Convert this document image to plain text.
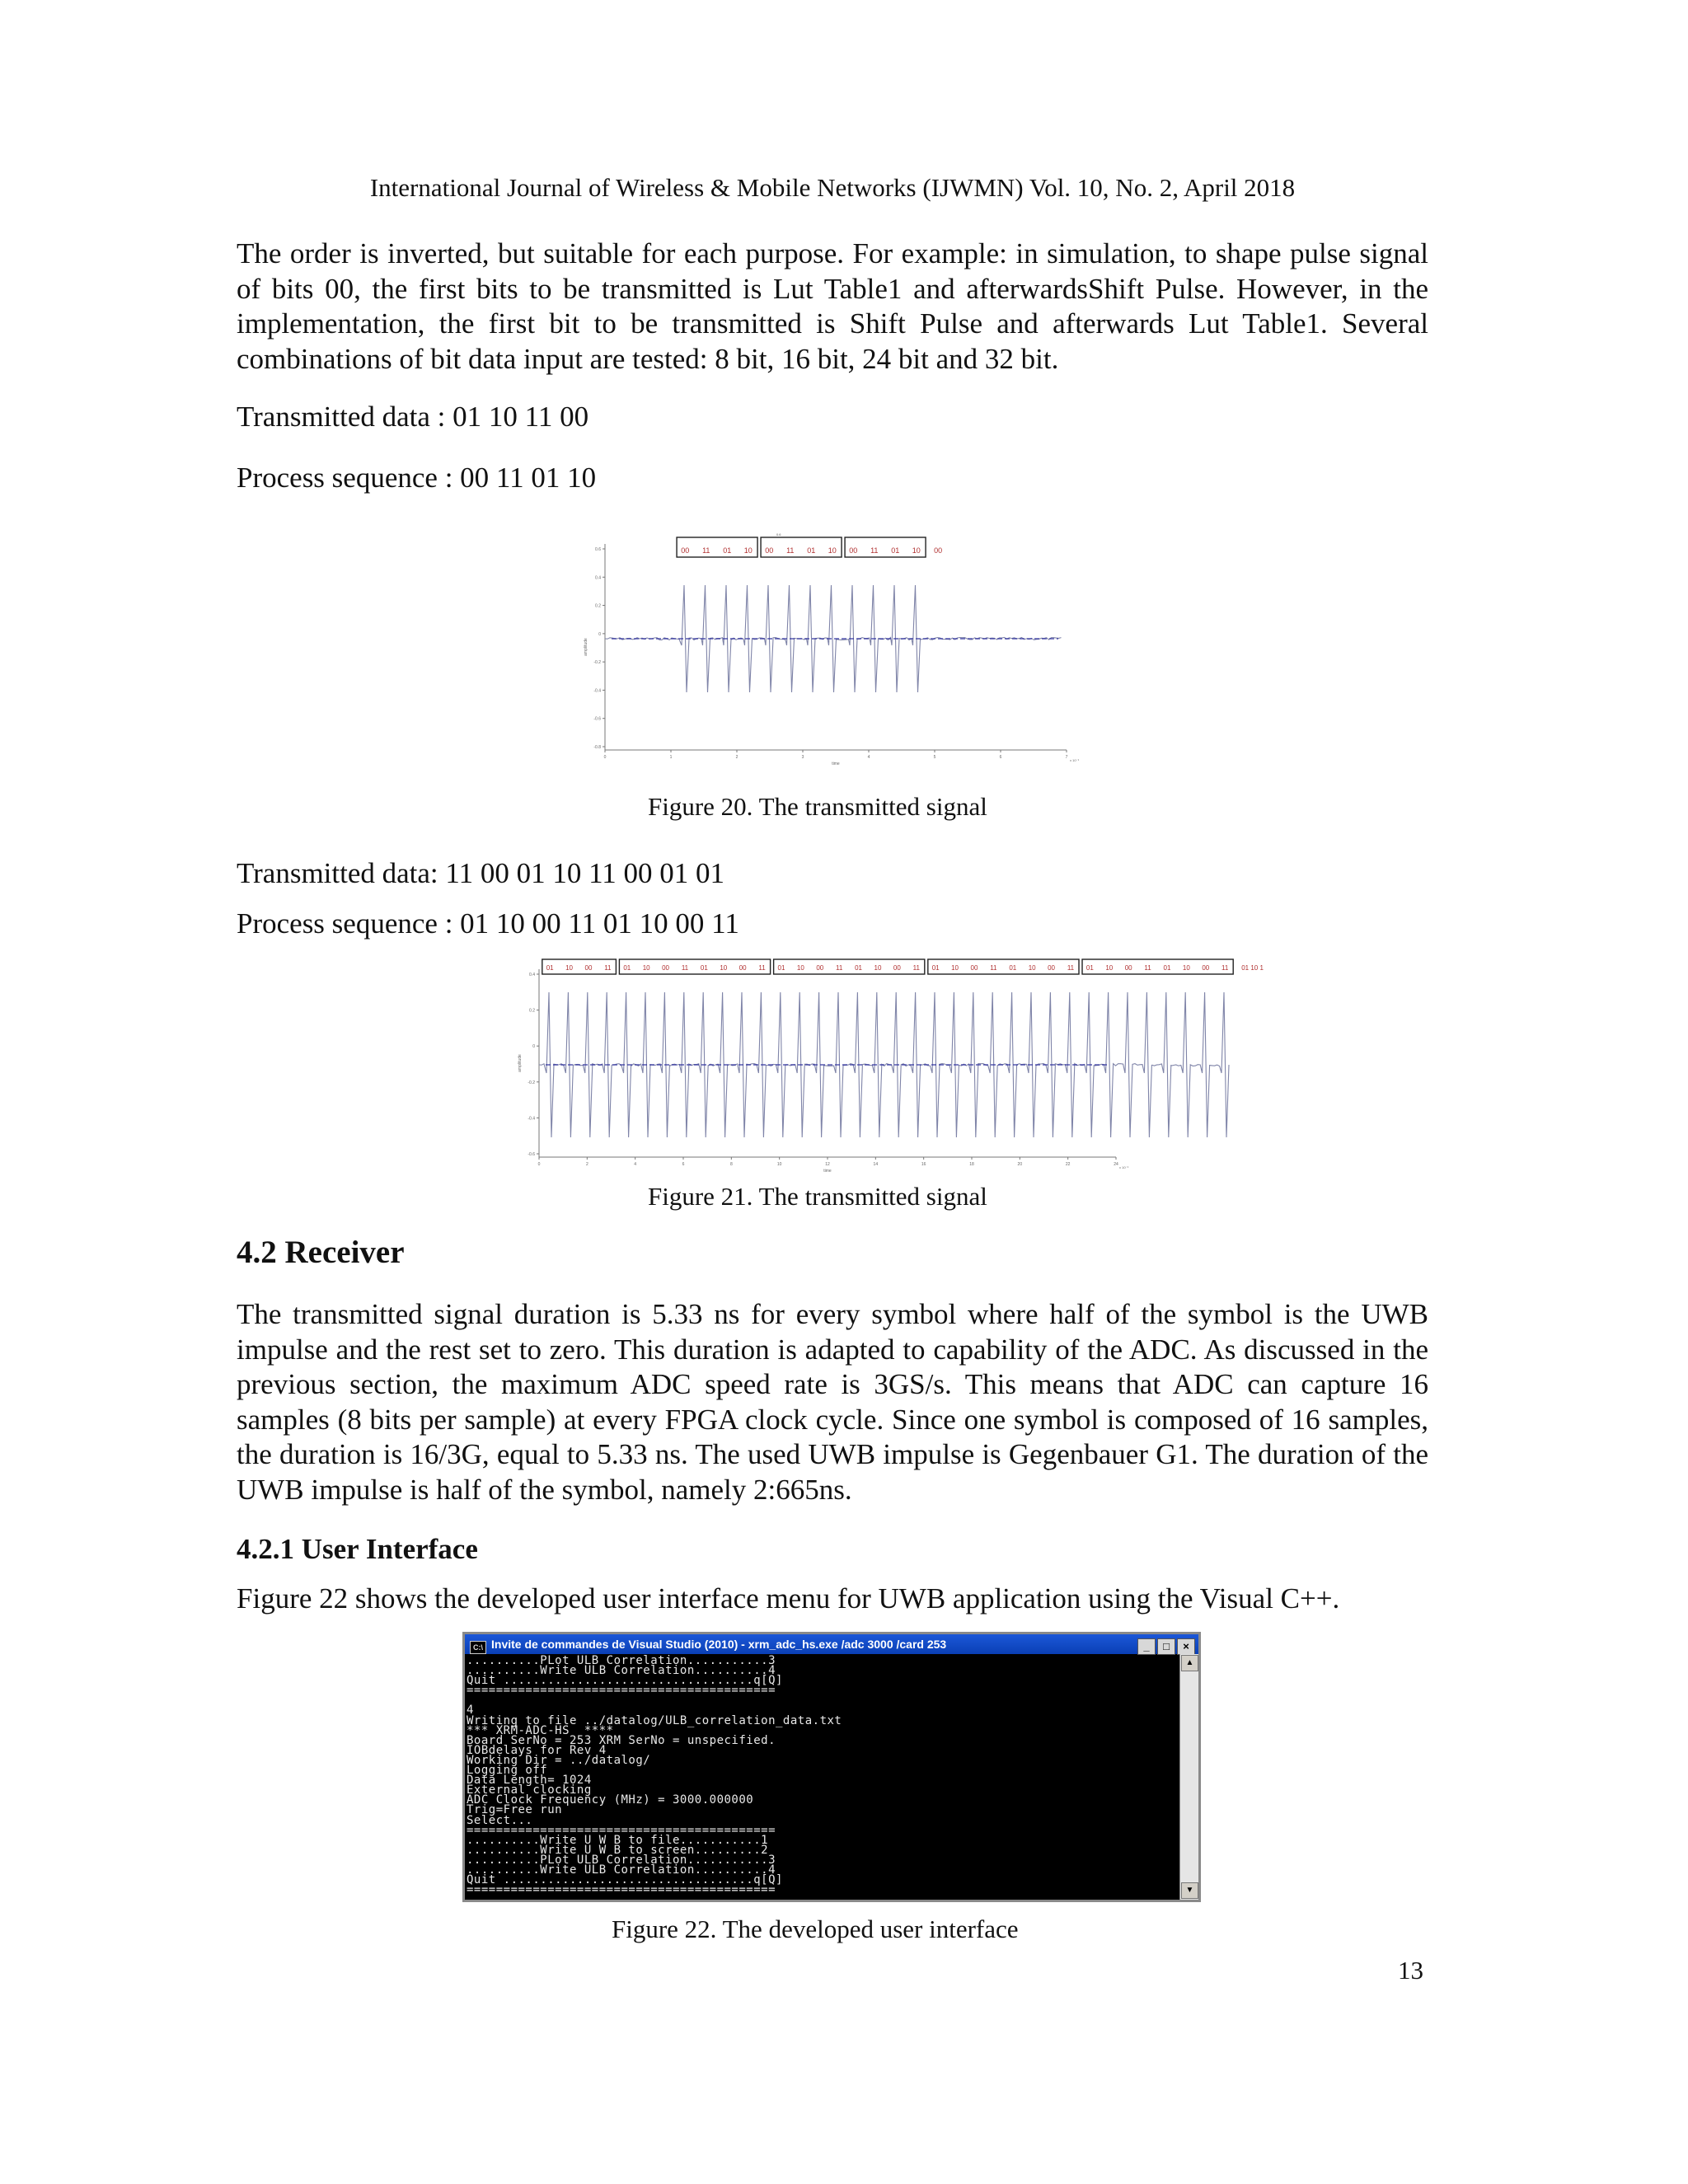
International Journal of Wireless & Mobile Networks (IJWMN) Vol. 10, No. 2, April 2018

The order is inverted, but suitable for each purpose. For example: in simulation, to shape pulse signal of bits 00, the first bits to be transmitted is Lut Table1 and afterwardsShift Pulse. However, in the implementation, the first bit to be transmitted is Shift Pulse and afterwards Lut Table1. Several combinations of bit data input are tested: 8 bit, 16 bit, 24 bit and 32 bit.

Transmitted data : 01 10 11 00

Process sequence : 00 11 01 10

0.6
0.4
0.2
0
-0.2
-0.4
-0.6
-0.8
0	1	2	3	4	5	6	7
time
x 10⁻⁹
amplitude
00 11 01 10 00 11 01 10 00 11 01 10 00
0.6
Figure 20. The transmitted signal

Transmitted data: 11 00 01 10 11 00 01 01

Process sequence : 01 10 00 11 01 10 00 11

0.4
0.2
0
-0.2
-0.4
-0.6
0	2	4	6	8	10	12	14	16	18	20	22	24
time
x 10⁻⁹
amplitude
01 10 00 11 01 10 00 11 01 10 00 11 01 10 00 11 01 10 00 11 01 10 00 11 01 10 00 11 01 10 00 11 01 10 00 11 01 10 1
Figure 21. The transmitted signal
4.2 Receiver

The transmitted signal duration is 5.33 ns for every symbol where half of the symbol is the UWB impulse and the rest set to zero. This duration is adapted to capability of the ADC. As discussed in the previous section, the maximum ADC speed rate is 3GS/s. This means that ADC can capture 16 samples (8 bits per sample) at every FPGA clock cycle. Since one symbol is composed of 16 samples, the duration is 16/3G, equal to 5.33 ns. The used UWB impulse is Gegenbauer G1. The duration of the UWB impulse is half of the symbol, namely 2:665ns.

4.2.1 User Interface

Figure 22 shows the developed user interface menu for UWB application using the Visual C++.

C:\ Invite de commandes de Visual Studio (2010) - xrm_adc_hs.exe /adc 3000 /card 253	_ □ ×
..........PLot ULB Correlation...........3
..........Write ULB Correlation..........4
Quit ..................................q[Q]
==========================================
4
Writing to file ../datalog/ULB_correlation_data.txt
*** XRM-ADC-HS  ****
Board SerNo = 253 XRM SerNo = unspecified.
IOBdelays for Rev 4
Working Dir = ../datalog/
Logging off
Data Length= 1024
External clocking
ADC Clock Frequency (MHz) = 3000.000000
Trig=Free run
Select...
==========================================
..........Write U W B to file...........1
..........Write U W B to screen.........2
..........PLot ULB Correlation...........3
..........Write ULB Correlation..........4
Quit ..................................q[Q]
==========================================
▲
▼
Figure 22. The developed user interface
13
